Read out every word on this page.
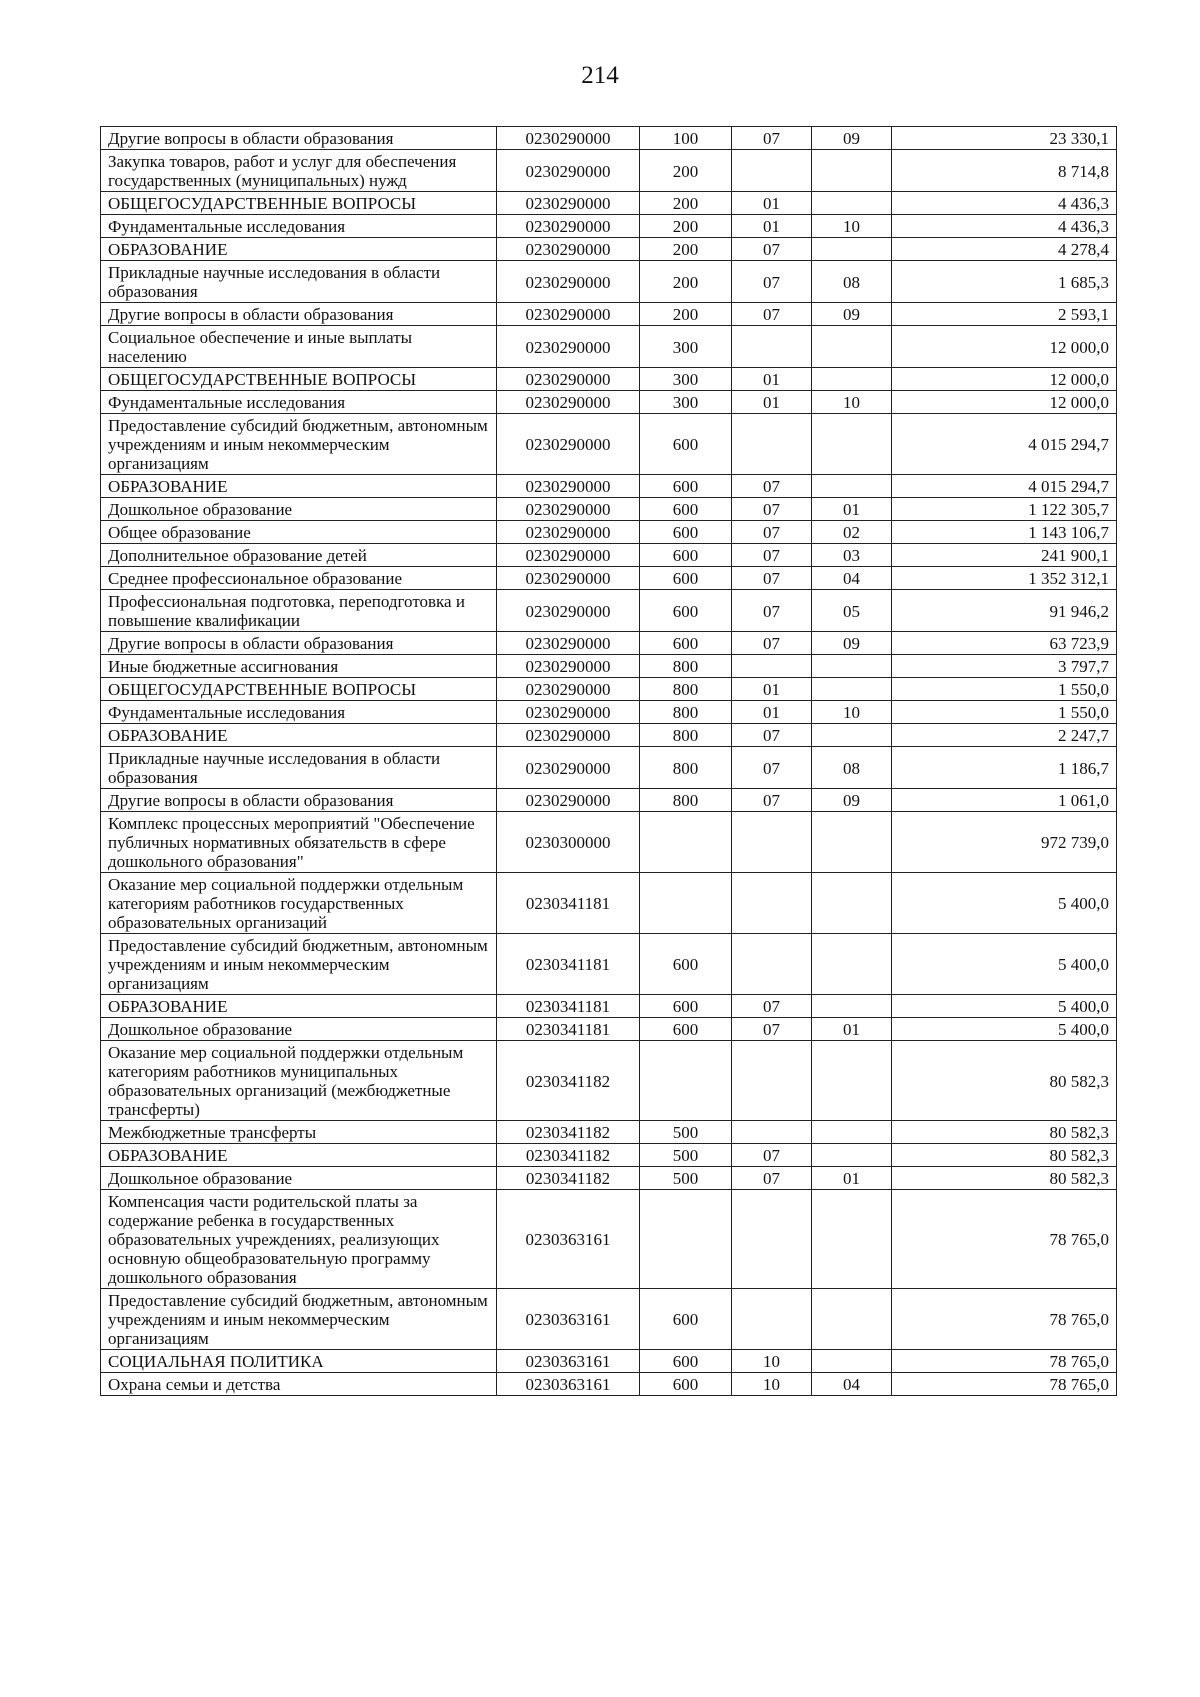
214
Другие вопросы в области образования	0230290000	100	07	09	23 330,1
Закупка товаров, работ и услуг для обеспечения государственных (муниципальных) нужд	0230290000	200			8 714,8
ОБЩЕГОСУДАРСТВЕННЫЕ ВОПРОСЫ	0230290000	200	01		4 436,3
Фундаментальные исследования	0230290000	200	01	10	4 436,3
ОБРАЗОВАНИЕ	0230290000	200	07		4 278,4
Прикладные научные исследования в области образования	0230290000	200	07	08	1 685,3
Другие вопросы в области образования	0230290000	200	07	09	2 593,1
Социальное обеспечение и иные выплаты населению	0230290000	300			12 000,0
ОБЩЕГОСУДАРСТВЕННЫЕ ВОПРОСЫ	0230290000	300	01		12 000,0
Фундаментальные исследования	0230290000	300	01	10	12 000,0
Предоставление субсидий бюджетным, автономным учреждениям и иным некоммерческим организациям	0230290000	600			4 015 294,7
ОБРАЗОВАНИЕ	0230290000	600	07		4 015 294,7
Дошкольное образование	0230290000	600	07	01	1 122 305,7
Общее образование	0230290000	600	07	02	1 143 106,7
Дополнительное образование детей	0230290000	600	07	03	241 900,1
Среднее профессиональное образование	0230290000	600	07	04	1 352 312,1
Профессиональная подготовка, переподготовка и повышение квалификации	0230290000	600	07	05	91 946,2
Другие вопросы в области образования	0230290000	600	07	09	63 723,9
Иные бюджетные ассигнования	0230290000	800			3 797,7
ОБЩЕГОСУДАРСТВЕННЫЕ ВОПРОСЫ	0230290000	800	01		1 550,0
Фундаментальные исследования	0230290000	800	01	10	1 550,0
ОБРАЗОВАНИЕ	0230290000	800	07		2 247,7
Прикладные научные исследования в области образования	0230290000	800	07	08	1 186,7
Другие вопросы в области образования	0230290000	800	07	09	1 061,0
Комплекс процессных мероприятий "Обеспечение публичных нормативных обязательств в сфере дошкольного образования"	0230300000				972 739,0
Оказание мер социальной поддержки отдельным категориям работников государственных образовательных организаций	0230341181				5 400,0
Предоставление субсидий бюджетным, автономным учреждениям и иным некоммерческим организациям	0230341181	600			5 400,0
ОБРАЗОВАНИЕ	0230341181	600	07		5 400,0
Дошкольное образование	0230341181	600	07	01	5 400,0
Оказание мер социальной поддержки отдельным категориям работников муниципальных образовательных организаций (межбюджетные трансферты)	0230341182				80 582,3
Межбюджетные трансферты	0230341182	500			80 582,3
ОБРАЗОВАНИЕ	0230341182	500	07		80 582,3
Дошкольное образование	0230341182	500	07	01	80 582,3
Компенсация части родительской платы за содержание ребенка в государственных образовательных учреждениях, реализующих основную общеобразовательную программу дошкольного образования	0230363161				78 765,0
Предоставление субсидий бюджетным, автономным учреждениям и иным некоммерческим организациям	0230363161	600			78 765,0
СОЦИАЛЬНАЯ ПОЛИТИКА	0230363161	600	10		78 765,0
Охрана семьи и детства	0230363161	600	10	04	78 765,0
